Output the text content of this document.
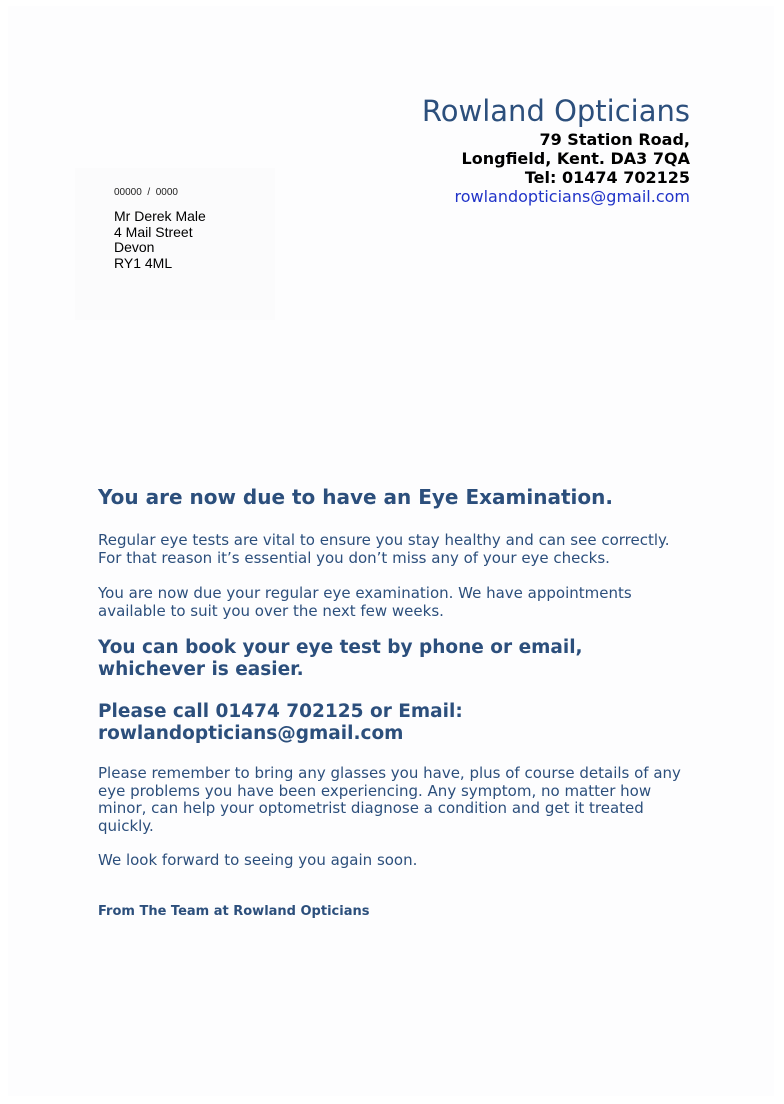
Rowland Opticians

79 Station Road,

Longfield, Kent. DA3 7QA

Tel: 01474 702125

rowlandopticians@gmail.com

00000  /  0000
Mr Derek Male
4 Mail Street
Devon
RY1 4ML

You are now due to have an Eye Examination.

Regular eye tests are vital to ensure you stay healthy and can see correctly.

For that reason it’s essential you don’t miss any of your eye checks.

You are now due your regular eye examination. We have appointments

available to suit you over the next few weeks.

You can book your eye test by phone or email,

whichever is easier.

Please call 01474 702125 or Email:

rowlandopticians@gmail.com

Please remember to bring any glasses you have, plus of course details of any

eye problems you have been experiencing. Any symptom, no matter how

minor, can help your optometrist diagnose a condition and get it treated

quickly.

We look forward to seeing you again soon.

From The Team at Rowland Opticians
